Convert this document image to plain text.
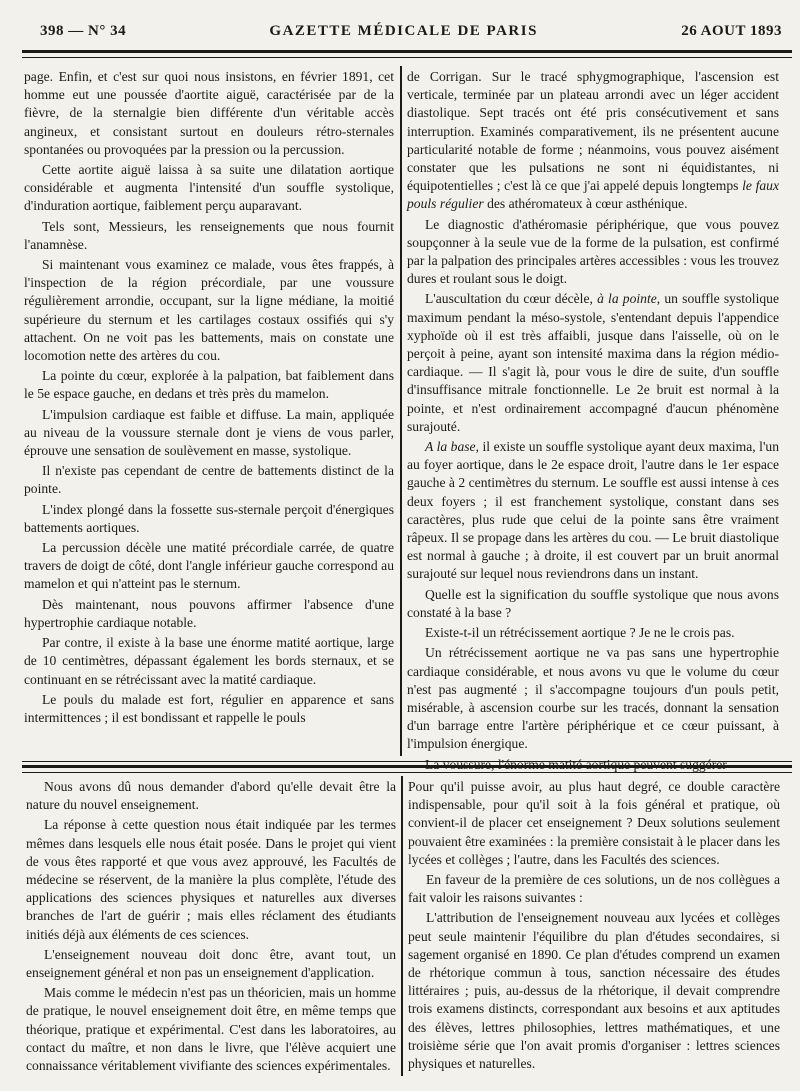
398 — N° 34	GAZETTE MÉDICALE DE PARIS	26 AOUT 1893

page. Enfin, et c'est sur quoi nous insistons, en février 1891, cet homme eut une poussée d'aortite aiguë, caractérisée par de la fièvre, de la sternalgie bien différente d'un véritable accès angineux, et consistant surtout en douleurs rétro-sternales spontanées ou provoquées par la pression ou la percussion.

Cette aortite aiguë laissa à sa suite une dilatation aortique considérable et augmenta l'intensité d'un souffle systolique, d'induration aortique, faiblement perçu auparavant.

Tels sont, Messieurs, les renseignements que nous fournit l'anamnèse.

Si maintenant vous examinez ce malade, vous êtes frappés, à l'inspection de la région précordiale, par une voussure régulièrement arrondie, occupant, sur la ligne médiane, la moitié supérieure du sternum et les cartilages costaux ossifiés qui s'y attachent. On ne voit pas les battements, mais on constate une locomotion nette des artères du cou.

La pointe du cœur, explorée à la palpation, bat faiblement dans le 5e espace gauche, en dedans et très près du mamelon.

L'impulsion cardiaque est faible et diffuse. La main, appliquée au niveau de la voussure sternale dont je viens de vous parler, éprouve une sensation de soulèvement en masse, systolique.

Il n'existe pas cependant de centre de battements distinct de la pointe.

L'index plongé dans la fossette sus-sternale perçoit d'énergiques battements aortiques.

La percussion décèle une matité précordiale carrée, de quatre travers de doigt de côté, dont l'angle inférieur gauche correspond au mamelon et qui n'atteint pas le sternum.

Dès maintenant, nous pouvons affirmer l'absence d'une hypertrophie cardiaque notable.

Par contre, il existe à la base une énorme matité aortique, large de 10 centimètres, dépassant également les bords sternaux, et se continuant en se rétrécissant avec la matité cardiaque.

Le pouls du malade est fort, régulier en apparence et sans intermittences ; il est bondissant et rappelle le pouls

de Corrigan. Sur le tracé sphygmographique, l'ascension est verticale, terminée par un plateau arrondi avec un léger accident diastolique. Sept tracés ont été pris consécutivement et sans interruption. Examinés comparativement, ils ne présentent aucune particularité notable de forme ; néanmoins, vous pouvez aisément constater que les pulsations ne sont ni équidistantes, ni équipotentielles ; c'est là ce que j'ai appelé depuis longtemps le faux pouls régulier des athéromateux à cœur asthénique.

Le diagnostic d'athéromasie périphérique, que vous pouvez soupçonner à la seule vue de la forme de la pulsation, est confirmé par la palpation des principales artères accessibles : vous les trouvez dures et roulant sous le doigt.

L'auscultation du cœur décèle, à la pointe, un souffle systolique maximum pendant la méso-systole, s'entendant depuis l'appendice xyphoïde où il est très affaibli, jusque dans l'aisselle, où on le perçoit à peine, ayant son intensité maxima dans la région médio-cardiaque. — Il s'agit là, pour vous le dire de suite, d'un souffle d'insuffisance mitrale fonctionnelle. Le 2e bruit est normal à la pointe, et n'est ordinairement accompagné d'aucun phénomène surajouté.

A la base, il existe un souffle systolique ayant deux maxima, l'un au foyer aortique, dans le 2e espace droit, l'autre dans le 1er espace gauche à 2 centimètres du sternum. Le souffle est aussi intense à ces deux foyers ; il est franchement systolique, constant dans ses caractères, plus rude que celui de la pointe sans être vraiment râpeux. Il se propage dans les artères du cou. — Le bruit diastolique est normal à gauche ; à droite, il est couvert par un bruit anormal surajouté sur lequel nous reviendrons dans un instant.

Quelle est la signification du souffle systolique que nous avons constaté à la base ?

Existe-t-il un rétrécissement aortique ? Je ne le crois pas.

Un rétrécissement aortique ne va pas sans une hypertrophie cardiaque considérable, et nous avons vu que le volume du cœur n'est pas augmenté ; il s'accompagne toujours d'un pouls petit, misérable, à ascension courbe sur les tracés, donnant la sensation d'un barrage entre l'artère périphérique et ce cœur puissant, à l'impulsion énergique.

Nous avons dû nous demander d'abord qu'elle devait être la nature du nouvel enseignement.

La réponse à cette question nous était indiquée par les termes mêmes dans lesquels elle nous était posée. Dans le projet qui vient de vous êtes rapporté et que vous avez approuvé, les Facultés de médecine se réservent, de la manière la plus complète, l'étude des applications des sciences physiques et naturelles aux diverses branches de l'art de guérir ; mais elles réclament des étudiants initiés déjà aux éléments de ces sciences.

L'enseignement nouveau doit donc être, avant tout, un enseignement général et non pas un enseignement d'application.

Mais comme le médecin n'est pas un théoricien, mais un homme de pratique, le nouvel enseignement doit être, en même temps que théorique, pratique et expérimental. C'est dans les laboratoires, au contact du maître, et non dans le livre, que l'élève acquiert une connaissance véritablement vivifiante des sciences expérimentales.

Pour qu'il puisse avoir, au plus haut degré, ce double caractère indispensable, pour qu'il soit à la fois général et pratique, où convient-il de placer cet enseignement ? Deux solutions seulement pouvaient être examinées : la première consistait à le placer dans les lycées et collèges ; l'autre, dans les Facultés des sciences.

En faveur de la première de ces solutions, un de nos collègues a fait valoir les raisons suivantes :

L'attribution de l'enseignement nouveau aux lycées et collèges peut seule maintenir l'équilibre du plan d'études secondaires, si sagement organisé en 1890. Ce plan d'études comprend un examen de rhétorique commun à tous, sanction nécessaire des études littéraires ; puis, au-dessus de la rhétorique, il devait comprendre trois examens distincts, correspondant aux besoins et aux aptitudes des élèves, lettres philosophies, lettres mathématiques, et une troisième série que l'on avait promis d'organiser : lettres sciences physiques et naturelles.
